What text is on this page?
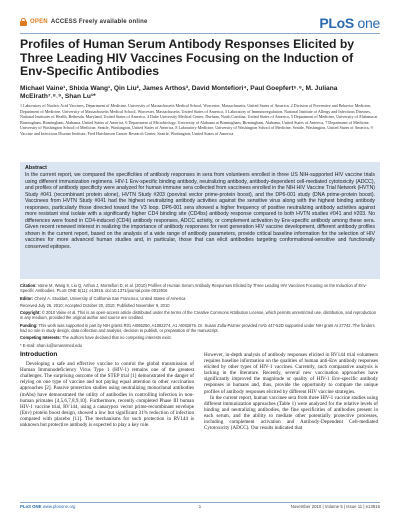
OPEN ACCESS Freely available online	PLoS one
Profiles of Human Serum Antibody Responses Elicited by Three Leading HIV Vaccines Focusing on the Induction of Env-Specific Antibodies
Michael Vaine¹, Shixia Wang¹, Qin Liu², James Arthos³, David Montefiori⁴, Paul Goepfert⁵˒⁶, M. Juliana McElrath⁷˒⁸˒⁹, Shan Lu¹*
1 Laboratory of Nucleic Acid Vaccines, Department of Medicine, University of Massachusetts Medical School, Worcester, Massachusetts, United States of America, 2 Division of Preventive and Behavior Medicine, Department of Medicine, University of Massachusetts Medical School, Worcester, Massachusetts, United States of America, 3 Laboratory of Immunoregulation, National Institute of Allergy and Infectious Diseases, National Institutes of Health, Bethesda, Maryland, United States of America, 4 Duke University Medical Center, Durham, North Carolina, United States of America, 5 Department of Medicine, University of Alabama at Birmingham, Birmingham, Alabama, United States of America, 6 Department of Microbiology, University of Alabama at Birmingham, Birmingham, Alabama, United States of America, 7 Department of Medicine, University of Washington School of Medicine, Seattle, Washington, United States of America, 8 Laboratory Medicine, University of Washington School of Medicine, Seattle, Washington, United States of America, 9 Vaccine and Infectious Disease Institute, Fred Hutchinson Cancer Research Center, Seattle, Washington, United States of America
Abstract
In the current report, we compared the specificities of antibody responses in sera from volunteers enrolled in three US NIH-supported HIV vaccine trials using different immunization regimens. HIV-1 Env-specific binding antibody, neutralizing antibody, antibody-dependent cell-mediated cytotoxicity (ADCC), and profiles of antibody specificity were analyzed for human immune sera collected from vaccinees enrolled in the NIH HIV Vaccine Trial Network (HVTN) Study #041 (recombinant protein alone), HVTN Study #203 (poxviral vector prime-protein boost), and the DP6-001 study (DNA prime-protein boost). Vaccinees from HVTN Study #041 had the highest neutralizing antibody activities against the sensitive virus along with the highest binding antibody responses, particularly those directed toward the V3 loop. DP6-001 sera showed a higher frequency of positive neutralizing antibody activities against more resistant viral isolate with a significantly higher CD4 binding site (CD4bs) antibody response compared to both HVTN studies #041 and #203. No differences were found in CD4-induced (CD4i) antibody responses, ADCC activity, or complement activation by Env-specific antibody among these sera. Given recent renewed interest in realizing the importance of antibody responses for next generation HIV vaccine development, different antibody profiles shown in the current report, based on the analysis of a wide range of antibody parameters, provide critical baseline information for the selection of HIV vaccines for more advanced human studies and, in particular, those that can elicit antibodies targeting conformational-sensitive and functionally conserved epitopes.
Citation: Vaine M, Wang S, Liu Q, Arthos J, Montefiori D, et al. (2010) Profiles of Human Serum Antibody Responses Elicited by Three Leading HIV Vaccines Focusing on the Induction of Env-Specific Antibodies. PLoS ONE 5(11): e13916. doi:10.1371/journal.pone.0013916
Editor: Cheryl A. Stoddart, University of California San Francisco, United States of America
Received July 26, 2010; Accepted October 20, 2010; Published November 9, 2010
Copyright: © 2010 Vaine et al. This is an open-access article distributed under the terms of the Creative Commons Attribution License, which permits unrestricted use, distribution, and reproduction in any medium, provided the original author and source are credited.
Funding: This work was supported in part by NIH grants R01 AI065250, A1082274, A1 AI082676. Dr. Susan Zolla-Pazner provided mAb 447-52D supported under NIH grant AI 27742. The funders had no role in study design, data collection and analysis, decision to publish, or preparation of the manuscript.
Competing Interests: The authors have declared that no competing interests exist.
* E-mail: shan.lu@umassmed.edu
Introduction

Developing a safe and effective vaccine to control the global transmission of Human Immunodeficiency Virus Type 1 (HIV-1) remains one of the greatest challenges. The surprising outcome of the STEP trial [1] demonstrated the danger of relying on one type of vaccine and not paying equal attention to other vaccination approaches [2]. Passive protection studies using neutralizing monoclonal antibodies (mAbs) have demonstrated the utility of antibodies in controlling infection in non-human primates [4,5,6,7,8,9,10]. Furthermore, recently completed Phase III human HIV-1 vaccine trial, RV144, using a canarypox vector prime-recombinant envelope (Env) protein boost design, showed a low but significant 31% reduction of infection compared with placebo [11]. The mechanisms for such protection in RV144 is unknown but protective antibody is expected to play a key role.

However, in-depth analysis of antibody responses elicited in RV144 trial volunteers requires baseline information on the qualities of human anti-Env antibody responses elicited by other types of HIV-1 vaccines. Currently, such comparative analysis is lacking in the literature. Recently, several new vaccination approaches have significantly improved the magnitude or quality of HIV-1 Env-specific antibody responses in humans and, thus, provide the opportunity to compare the unique profiles of antibody responses elicited by different HIV vaccine strategies.

In the current report, human vaccinee sera from three HIV-1 vaccine studies using different immunization approaches (Table 1) were analyzed for the relative levels of binding and neutralizing antibodies, the fine specificities of antibodies present in each serum, and the ability to mediate other potentially protective processes, including complement activation and Antibody-Dependent Cell-mediated Cytotoxicity (ADCC). Our results indicated that

PLoS ONE www.plosone.org	1	November 2010 | Volume 5 | Issue 11 | e13916
